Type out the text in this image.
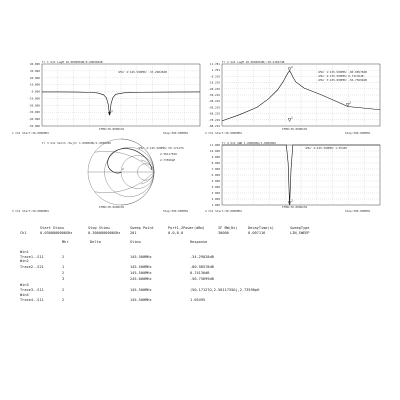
Tr 1 S11 LogM 10.000000dB/0.000000dB
>Mkr 2:145.500MHz -34.29028dB
40.000
30.000
20.000
10.000
0.000
-10.000
-20.000
-30.000
-40.000
-50.000
2
1 Ch1 Start:30.0000MHz
IFBW:30.0000kHz
Stop:300.000MHz
Tr 2 S21 LogM 10.000000dB/-38.21667dB
>Mkr 1:145.500MHz -80.98578dB
>Mkr 2:145.500MHz 0.74136dB
>Mkr 3:245.000MHz -56.75699dB
11.781
1.781
-8.219
-18.219
-28.219
-38.219
-48.219
-58.219
-68.219
-78.219
-88.219
1
2
3
2 Ch1 Start:30.0000MHz
IFBW:30.0000kHz
Stop:300.000MHz
Tr 3 S11 Smith (R+jX) 1.000000U/1.000000U
>Mkr 2:145.500MHz 50.17127Ω
2.5811755Ω
2.73590pH
2
3 Ch1 Start:30.0000MHz
IFBW:30.0000kHz
Stop:300.000MHz
Tr 4 S11 SWR 1.000000U/1.000000U
>Mkr 2:145.500MHz 1.05495
11.000
10.000
9.000
8.000
7.000
6.000
5.000
4.000
3.000
2.000
1.000
2
4 Ch1 Start:30.0000MHz
IFBW:30.0000kHz
Stop:300.000MHz
Start Stimu	Stop Stimu	Sweep Point	Port1,2Power(dBm)	IF BW(Hz)	DecayTime(s)	SweepType
Ch1	0.0300000000GHz	0.3000000000GHz	201	0.0,0.0	30000	0.007116	LIN_SWEEP
Mkr	Delta	Stimu	Response
Win1
Trace1--S11	2	145.500MHz	-34.29028dB
Win2
Trace2--S21	1	145.500MHz	-80.98578dB
2	145.500MHz	0.74136dB
3	245.000MHz	-56.75699dB
Win3
Trace3--S11	2	145.500MHz	(50.17127Ω,2.5811755Ω),2.73590pH
Win4
Trace4--S11	2	145.500MHz	1.05495
